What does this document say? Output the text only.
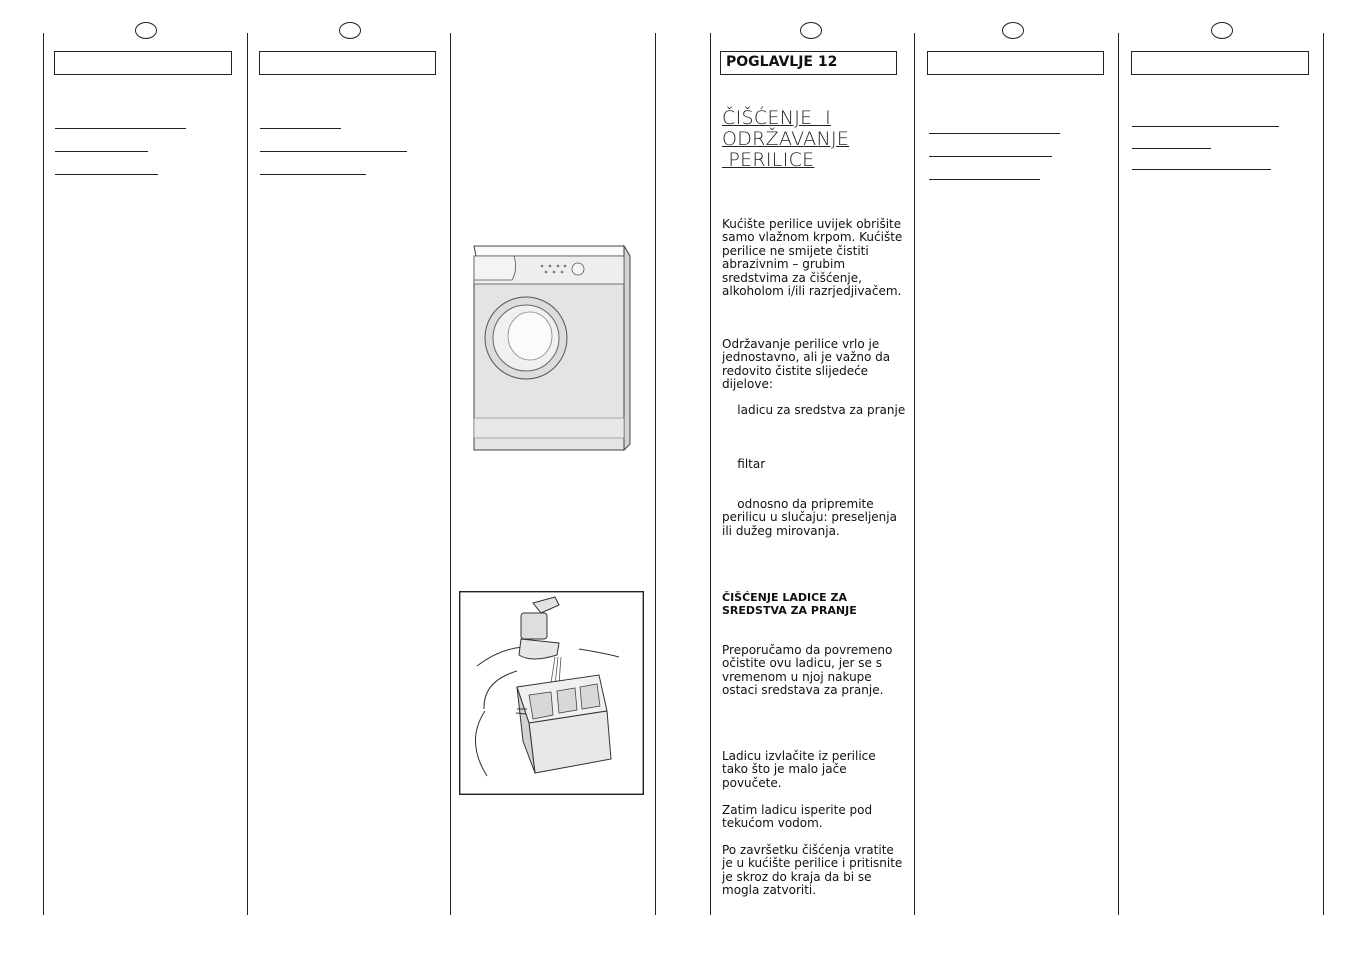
POGLAVLJE 12
ČIŠĆENJE  I
ODRŽAVANJE
PERILICE
Kućište perilice uvijek obrišite samo vlažnom krpom. Kućište perilice ne smijete čistiti abrazivnim – grubim sredstvima za čišćenje, alkoholom i/ili razrjedjivačem.
Održavanje perilice vrlo je jednostavno, ali je važno da redovito čistite slijedeće dijelove:
ladicu za sredstva za pranje
filtar
odnosno da pripremite perilicu u slučaju: preseljenja ili dužeg mirovanja.
ČIŠĆENJE LADICE ZA SREDSTVA ZA PRANJE
Preporučamo da povremeno očistite ovu ladicu, jer se s vremenom u njoj nakupe ostaci sredstava za pranje.
Ladicu izvlačite iz perilice tako što je malo jače povučete.
Zatim ladicu isperite pod tekućom vodom.
Po završetku čišćenja vratite je u kućište perilice i pritisnite je skroz do kraja da bi se mogla zatvoriti.
